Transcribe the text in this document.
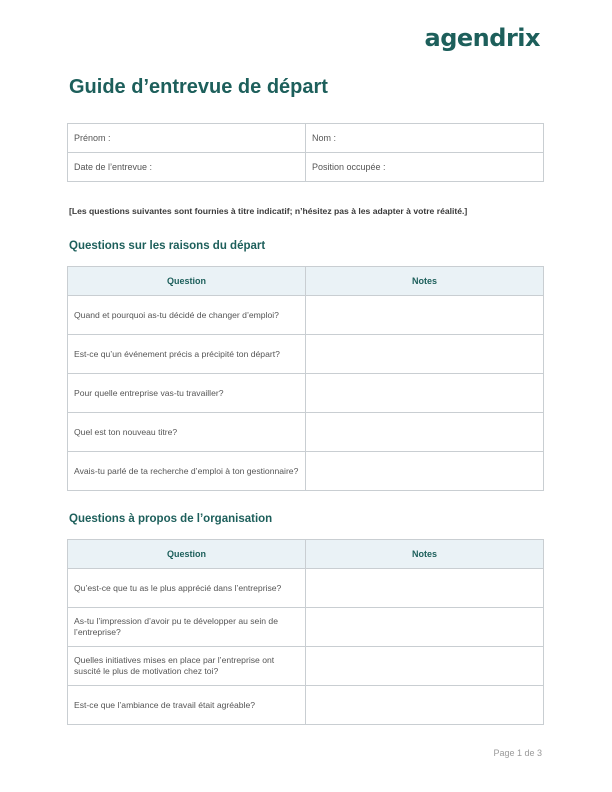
agendrix
Guide d’entrevue de départ
Prénom :	Nom :
Date de l’entrevue :	Position occupée :

[Les questions suivantes sont fournies à titre indicatif; n’hésitez pas à les adapter à votre réalité.]

Questions sur les raisons du départ
Question	Notes
Quand et pourquoi as-tu décidé de changer d’emploi?	
Est-ce qu’un événement précis a précipité ton départ?	
Pour quelle entreprise vas-tu travailler?	
Quel est ton nouveau titre?	
Avais-tu parlé de ta recherche d’emploi à ton gestionnaire?	
Questions à propos de l’organisation
Question	Notes
Qu’est-ce que tu as le plus apprécié dans l’entreprise?	
As-tu l’impression d’avoir pu te développer au sein de l’entreprise?	
Quelles initiatives mises en place par l’entreprise ont suscité le plus de motivation chez toi?	
Est-ce que l’ambiance de travail était agréable?	
Page 1 de 3
